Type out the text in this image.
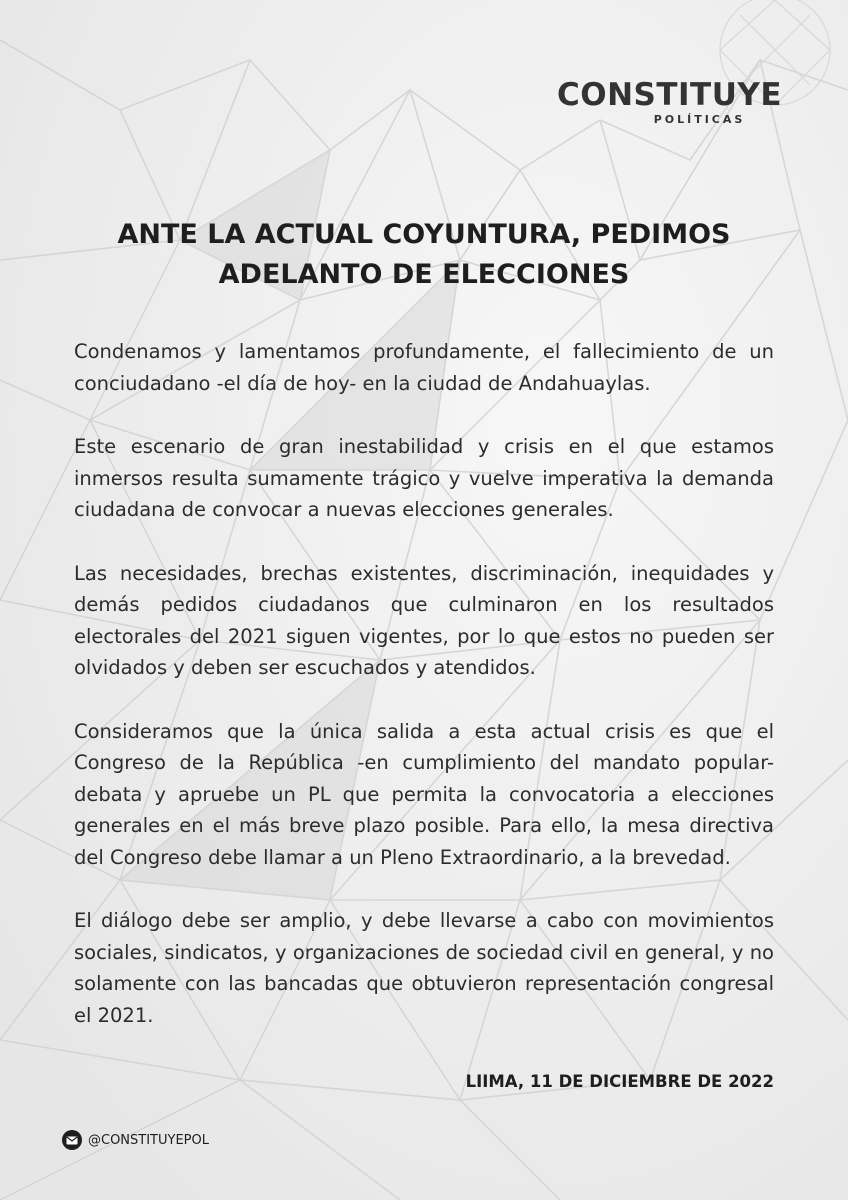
CONSTITUYE
POLÍTICAS
ANTE LA ACTUAL COYUNTURA, PEDIMOS
ADELANTO DE ELECCIONES

Condenamos y lamentamos profundamente, el fallecimiento de un conciudadano -el día de hoy- en la ciudad de Andahuaylas.

Este escenario de gran inestabilidad y crisis en el que estamos inmersos resulta sumamente trágico y vuelve imperativa la demanda ciudadana de convocar a nuevas elecciones generales.

Las necesidades, brechas existentes, discriminación, inequidades y demás pedidos ciudadanos que culminaron en los resultados electorales del 2021 siguen vigentes, por lo que estos no pueden ser olvidados y deben ser escuchados y atendidos.

Consideramos que la única salida a esta actual crisis es que el Congreso de la República -en cumplimiento del mandato popular- debata y apruebe un PL que permita la convocatoria a elecciones generales en el más breve plazo posible. Para ello, la mesa directiva del Congreso debe llamar a un Pleno Extraordinario, a la brevedad.

El diálogo debe ser amplio, y debe llevarse a cabo con movimientos sociales, sindicatos, y organizaciones de sociedad civil en general, y no solamente con las bancadas que obtuvieron representación congresal el 2021.

LIIMA, 11 DE DICIEMBRE DE 2022
@CONSTITUYEPOL
